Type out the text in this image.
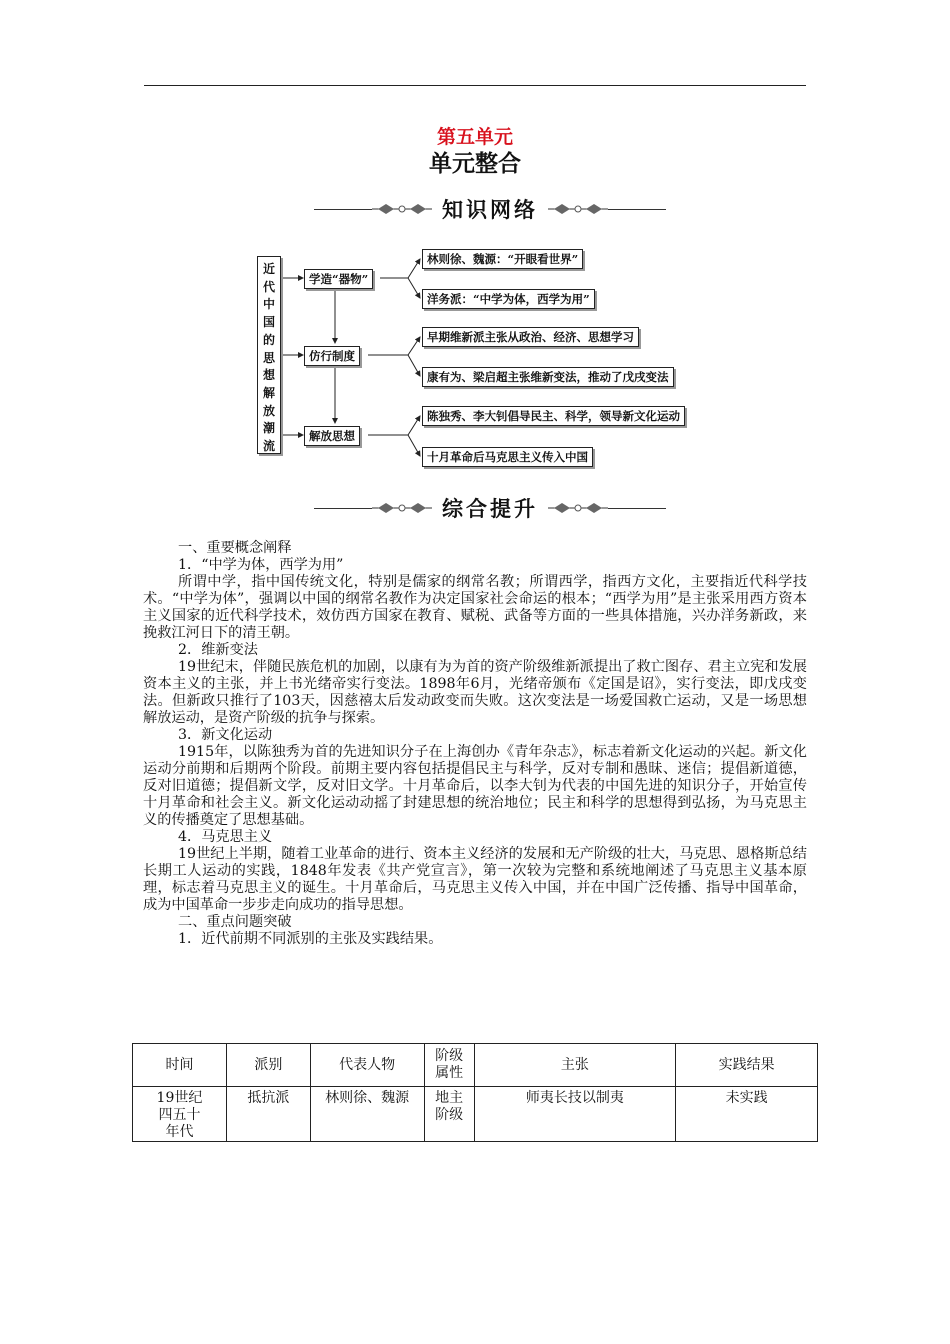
第五单元
单元整合
知识网络
近
代
中
国
的
思
想
解
放
潮
流
学造“器物”
仿行制度
解放思想
林则徐、魏源：“开眼看世界”
洋务派：“中学为体，西学为用”
早期维新派主张从政治、经济、思想学习
康有为、梁启超主张维新变法，推动了戊戌变法
陈独秀、李大钊倡导民主、科学，领导新文化运动
十月革命后马克思主义传入中国
综合提升

一、重要概念阐释

1．“中学为体，西学为用”

所谓中学，指中国传统文化，特别是儒家的纲常名教；所谓西学，指西方文化，主要指近代科学技术。“中学为体”，强调以中国的纲常名教作为决定国家社会命运的根本；“西学为用”是主张采用西方资本主义国家的近代科学技术，效仿西方国家在教育、赋税、武备等方面的一些具体措施，兴办洋务新政，来挽救江河日下的清王朝。

2．维新变法

19世纪末，伴随民族危机的加剧，以康有为为首的资产阶级维新派提出了救亡图存、君主立宪和发展资本主义的主张，并上书光绪帝实行变法。1898年6月，光绪帝颁布《定国是诏》，实行变法，即戊戌变法。但新政只推行了103天，因慈禧太后发动政变而失败。这次变法是一场爱国救亡运动，又是一场思想解放运动，是资产阶级的抗争与探索。

3．新文化运动

1915年，以陈独秀为首的先进知识分子在上海创办《青年杂志》，标志着新文化运动的兴起。新文化运动分前期和后期两个阶段。前期主要内容包括提倡民主与科学，反对专制和愚昧、迷信；提倡新道德，反对旧道德；提倡新文学，反对旧文学。十月革命后，以李大钊为代表的中国先进的知识分子，开始宣传十月革命和社会主义。新文化运动动摇了封建思想的统治地位；民主和科学的思想得到弘扬，为马克思主义的传播奠定了思想基础。

4．马克思主义

19世纪上半期，随着工业革命的进行、资本主义经济的发展和无产阶级的壮大，马克思、恩格斯总结长期工人运动的实践，1848年发表《共产党宣言》，第一次较为完整和系统地阐述了马克思主义基本原理，标志着马克思主义的诞生。十月革命后，马克思主义传入中国，并在中国广泛传播、指导中国革命，成为中国革命一步步走向成功的指导思想。

二、重点问题突破

1．近代前期不同派别的主张及实践结果。

时间	派别	代表人物	阶级属性	主张	实践结果

19世纪四五十年代	抵抗派	林则徐、魏源	地主阶级	师夷长技以制夷	未实践
